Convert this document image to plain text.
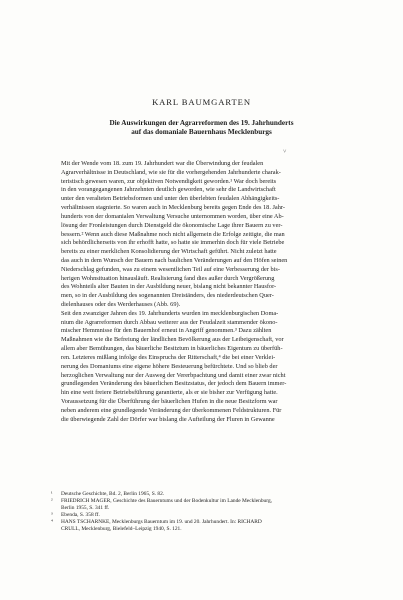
KARL BAUMGARTEN
Die Auswirkungen der Agrarreformen des 19. Jahrhunderts
auf das domaniale Bauernhaus Mecklenburgs
˅

Mit der Wende vom 18. zum 19. Jahrhundert war die Überwindung der feudalen
Agrarverhältnisse in Deutschland, wie sie für die vorhergehenden Jahrhunderte charak-
teristisch gewesen waren, zur objektiven Notwendigkeit geworden.¹ War doch bereits
in den vorangegangenen Jahrzehnten deutlich geworden, wie sehr die Landwirtschaft
unter den veralteten Betriebsformen und unter den überlebten feudalen Abhängigkeits-
verhältnissen stagnierte. So waren auch in Mecklenburg bereits gegen Ende des 18. Jahr-
hunderts von der domanialen Verwaltung Versuche unternommen worden, über eine Ab-
lösung der Fronleistungen durch Dienstgeld die ökonomische Lage ihrer Bauern zu ver-
bessern.² Wenn auch diese Maßnahme noch nicht allgemein die Erfolge zeitigte, die man
sich behördlicherseits von ihr erhofft hatte, so hatte sie immerhin doch für viele Betriebe
bereits zu einer merklichen Konsolidierung der Wirtschaft geführt. Nicht zuletzt hatte
das auch in dem Wunsch der Bauern nach baulichen Veränderungen auf den Höfen seinen
Niederschlag gefunden, was zu einem wesentlichen Teil auf eine Verbesserung der bis-
herigen Wohnsituation hinausläuft. Realisierung fand dies außer durch Vergrößerung
des Wohnteils alter Bauten in der Ausbildung neuer, bislang nicht bekannter Hausfor-
men, so in der Ausbildung des sogenannten Dreiständers, des niederdeutschen Quer-
dielenhauses oder des Werderhauses (Abb. 69).

Seit den zwanziger Jahren des 19. Jahrhunderts wurden im mecklenburgischen Doma-
nium die Agrarreformen durch Abbau weiterer aus der Feudalzeit stammender ökono-
mischer Hemmnisse für den Bauernhof erneut in Angriff genommen.³ Dazu zählten
Maßnahmen wie die Befreiung der ländlichen Bevölkerung aus der Leibeigenschaft, vor
allem aber Bemühungen, das bäuerliche Besitztum in bäuerliches Eigentum zu überfüh-
ren. Letzteres mißlang infolge des Einspruchs der Ritterschaft,⁴ die bei einer Verklei-
nerung des Domaniums eine eigene höhere Besteuerung befürchtete. Und so blieb der
herzoglichen Verwaltung nur der Ausweg der Vererbpachtung und damit einer zwar nicht
grundlegenden Veränderung des bäuerlichen Besitzstatus, der jedoch dem Bauern immer-
hin eine weit freiere Betriebsführung garantierte, als er sie bisher zur Verfügung hatte.

Voraussetzung für die Überführung der bäuerlichen Hufen in die neue Besitzform war
neben anderem eine grundlegende Veränderung der überkommenen Feldstrukturen. Für
die überwiegende Zahl der Dörfer war bislang die Aufteilung der Fluren in Gewanne

¹	Deutsche Geschichte, Bd. 2, Berlin 1965, S. 82.
²	FRIEDRICH MAGER, Geschichte des Bauerntums und der Bodenkultur im Lande Mecklenburg,
Berlin 1955, S. 341 ff.
³	Ebenda, S. 358 ff.
⁴	HANS TSCHARNKE, Mecklenburgs Bauerntum im 19. und 20. Jahrhundert. In: RICHARD
CRULL, Mecklenburg, Bielefeld–Leipzig 1940, S. 121.
